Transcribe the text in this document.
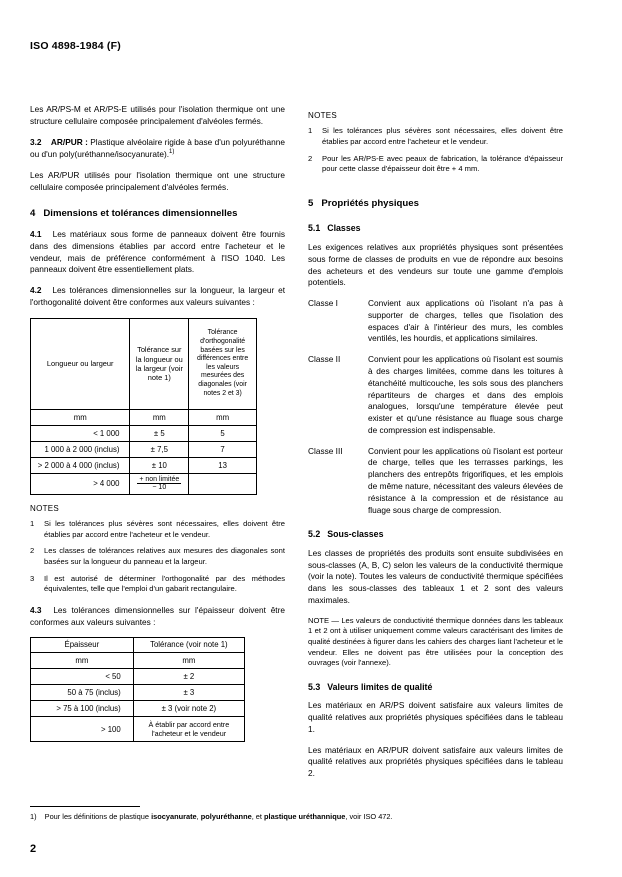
ISO 4898-1984 (F)

Les AR/PS-M et AR/PS-E utilisés pour l'isolation thermique ont une structure cellulaire composée principalement d'alvéoles fermés.

3.2 AR/PUR : Plastique alvéolaire rigide à base d'un polyuréthanne ou d'un poly(uréthanne/isocyanurate).$^{1)}$

Les AR/PUR utilisés pour l'isolation thermique ont une structure cellulaire composée principalement d'alvéoles fermés.

4 Dimensions et tolérances dimensionnelles

4.1 Les matériaux sous forme de panneaux doivent être fournis dans des dimensions établies par accord entre l'acheteur et le vendeur, mais de préférence conformément à l'ISO 1040. Les panneaux doivent être essentiellement plats.

4.2 Les tolérances dimensionnelles sur la longueur, la largeur et l'orthogonalité doivent être conformes aux valeurs suivantes :

Longueur ou largeur	Tolérance sur la longueur ou la largeur (voir note 1)	Tolérance d'orthogonalité basées sur les différences entre les valeurs mesurées des diagonales (voir notes 2 et 3)
mm	mm	mm
< 1 000	± 5	5
1 000 à 2 000 (inclus)	± 7,5	7
> 2 000 à 4 000 (inclus)	± 10	13
> 4 000	$\frac{\text{+ non limitée}}{- 10}$

NOTES
1	Si les tolérances plus sévères sont nécessaires, elles doivent être établies par accord entre l'acheteur et le vendeur.
2	Les classes de tolérances relatives aux mesures des diagonales sont basées sur la longueur du panneau et la largeur.
3	Il est autorisé de déterminer l'orthogonalité par des méthodes équivalentes, telle que l'emploi d'un gabarit rectangulaire.

4.3 Les tolérances dimensionnelles sur l'épaisseur doivent être conformes aux valeurs suivantes :

Épaisseur	Tolérance (voir note 1)
mm	mm
< 50	± 2
50 à 75 (inclus)	± 3
> 75 à 100 (inclus)	± 3 (voir note 2)
> 100	À établir par accord entre l'acheteur et le vendeur
NOTES
1	Si les tolérances plus sévères sont nécessaires, elles doivent être établies par accord entre l'acheteur et le vendeur.
2	Pour les AR/PS-E avec peaux de fabrication, la tolérance d'épaisseur pour cette classe d'épaisseur doit être + 4 mm.
5 Propriétés physiques
5.1 Classes

Les exigences relatives aux propriétés physiques sont présentées sous forme de classes de produits en vue de répondre aux besoins des acheteurs et des vendeurs sur toute une gamme d'emplois potentiels.

Classe I	Convient aux applications où l'isolant n'a pas à supporter de charges, telles que l'isolation des espaces d'air à l'intérieur des murs, les combles ventilés, les hourdis, et applications similaires.
Classe II	Convient pour les applications où l'isolant est soumis à des charges limitées, comme dans les toitures à étanchéité multicouche, les sols sous des planchers répartiteurs de charges et dans des emplois analogues, lorsqu'une température élevée peut exister et qu'une résistance au fluage sous charge de compression est indispensable.
Classe III	Convient pour les applications où l'isolant est porteur de charge, telles que les terrasses parkings, les planchers des entrepôts frigorifiques, et les emplois de même nature, nécessitant des valeurs élevées de résistance à la compression et de résistance au fluage sous charge de compression.
5.2 Sous-classes

Les classes de propriétés des produits sont ensuite subdivisées en sous-classes (A, B, C) selon les valeurs de la conductivité thermique (voir la note). Toutes les valeurs de conductivité thermique spécifiées dans les sous-classes des tableaux 1 et 2 sont des valeurs maximales.

NOTE — Les valeurs de conductivité thermique données dans les tableaux 1 et 2 ont à utiliser uniquement comme valeurs caractérisant des limites de qualité destinées à figurer dans les cahiers des charges liant l'acheteur et le vendeur. Elles ne doivent pas être utilisées pour la conception des ouvrages (voir l'annexe).

5.3 Valeurs limites de qualité

Les matériaux en AR/PS doivent satisfaire aux valeurs limites de qualité relatives aux propriétés physiques spécifiées dans le tableau 1.

Les matériaux en AR/PUR doivent satisfaire aux valeurs limites de qualité relatives aux propriétés physiques spécifiées dans le tableau 2.

1) Pour les définitions de plastique isocyanurate, polyuréthanne, et plastique uréthannique, voir ISO 472.
2
